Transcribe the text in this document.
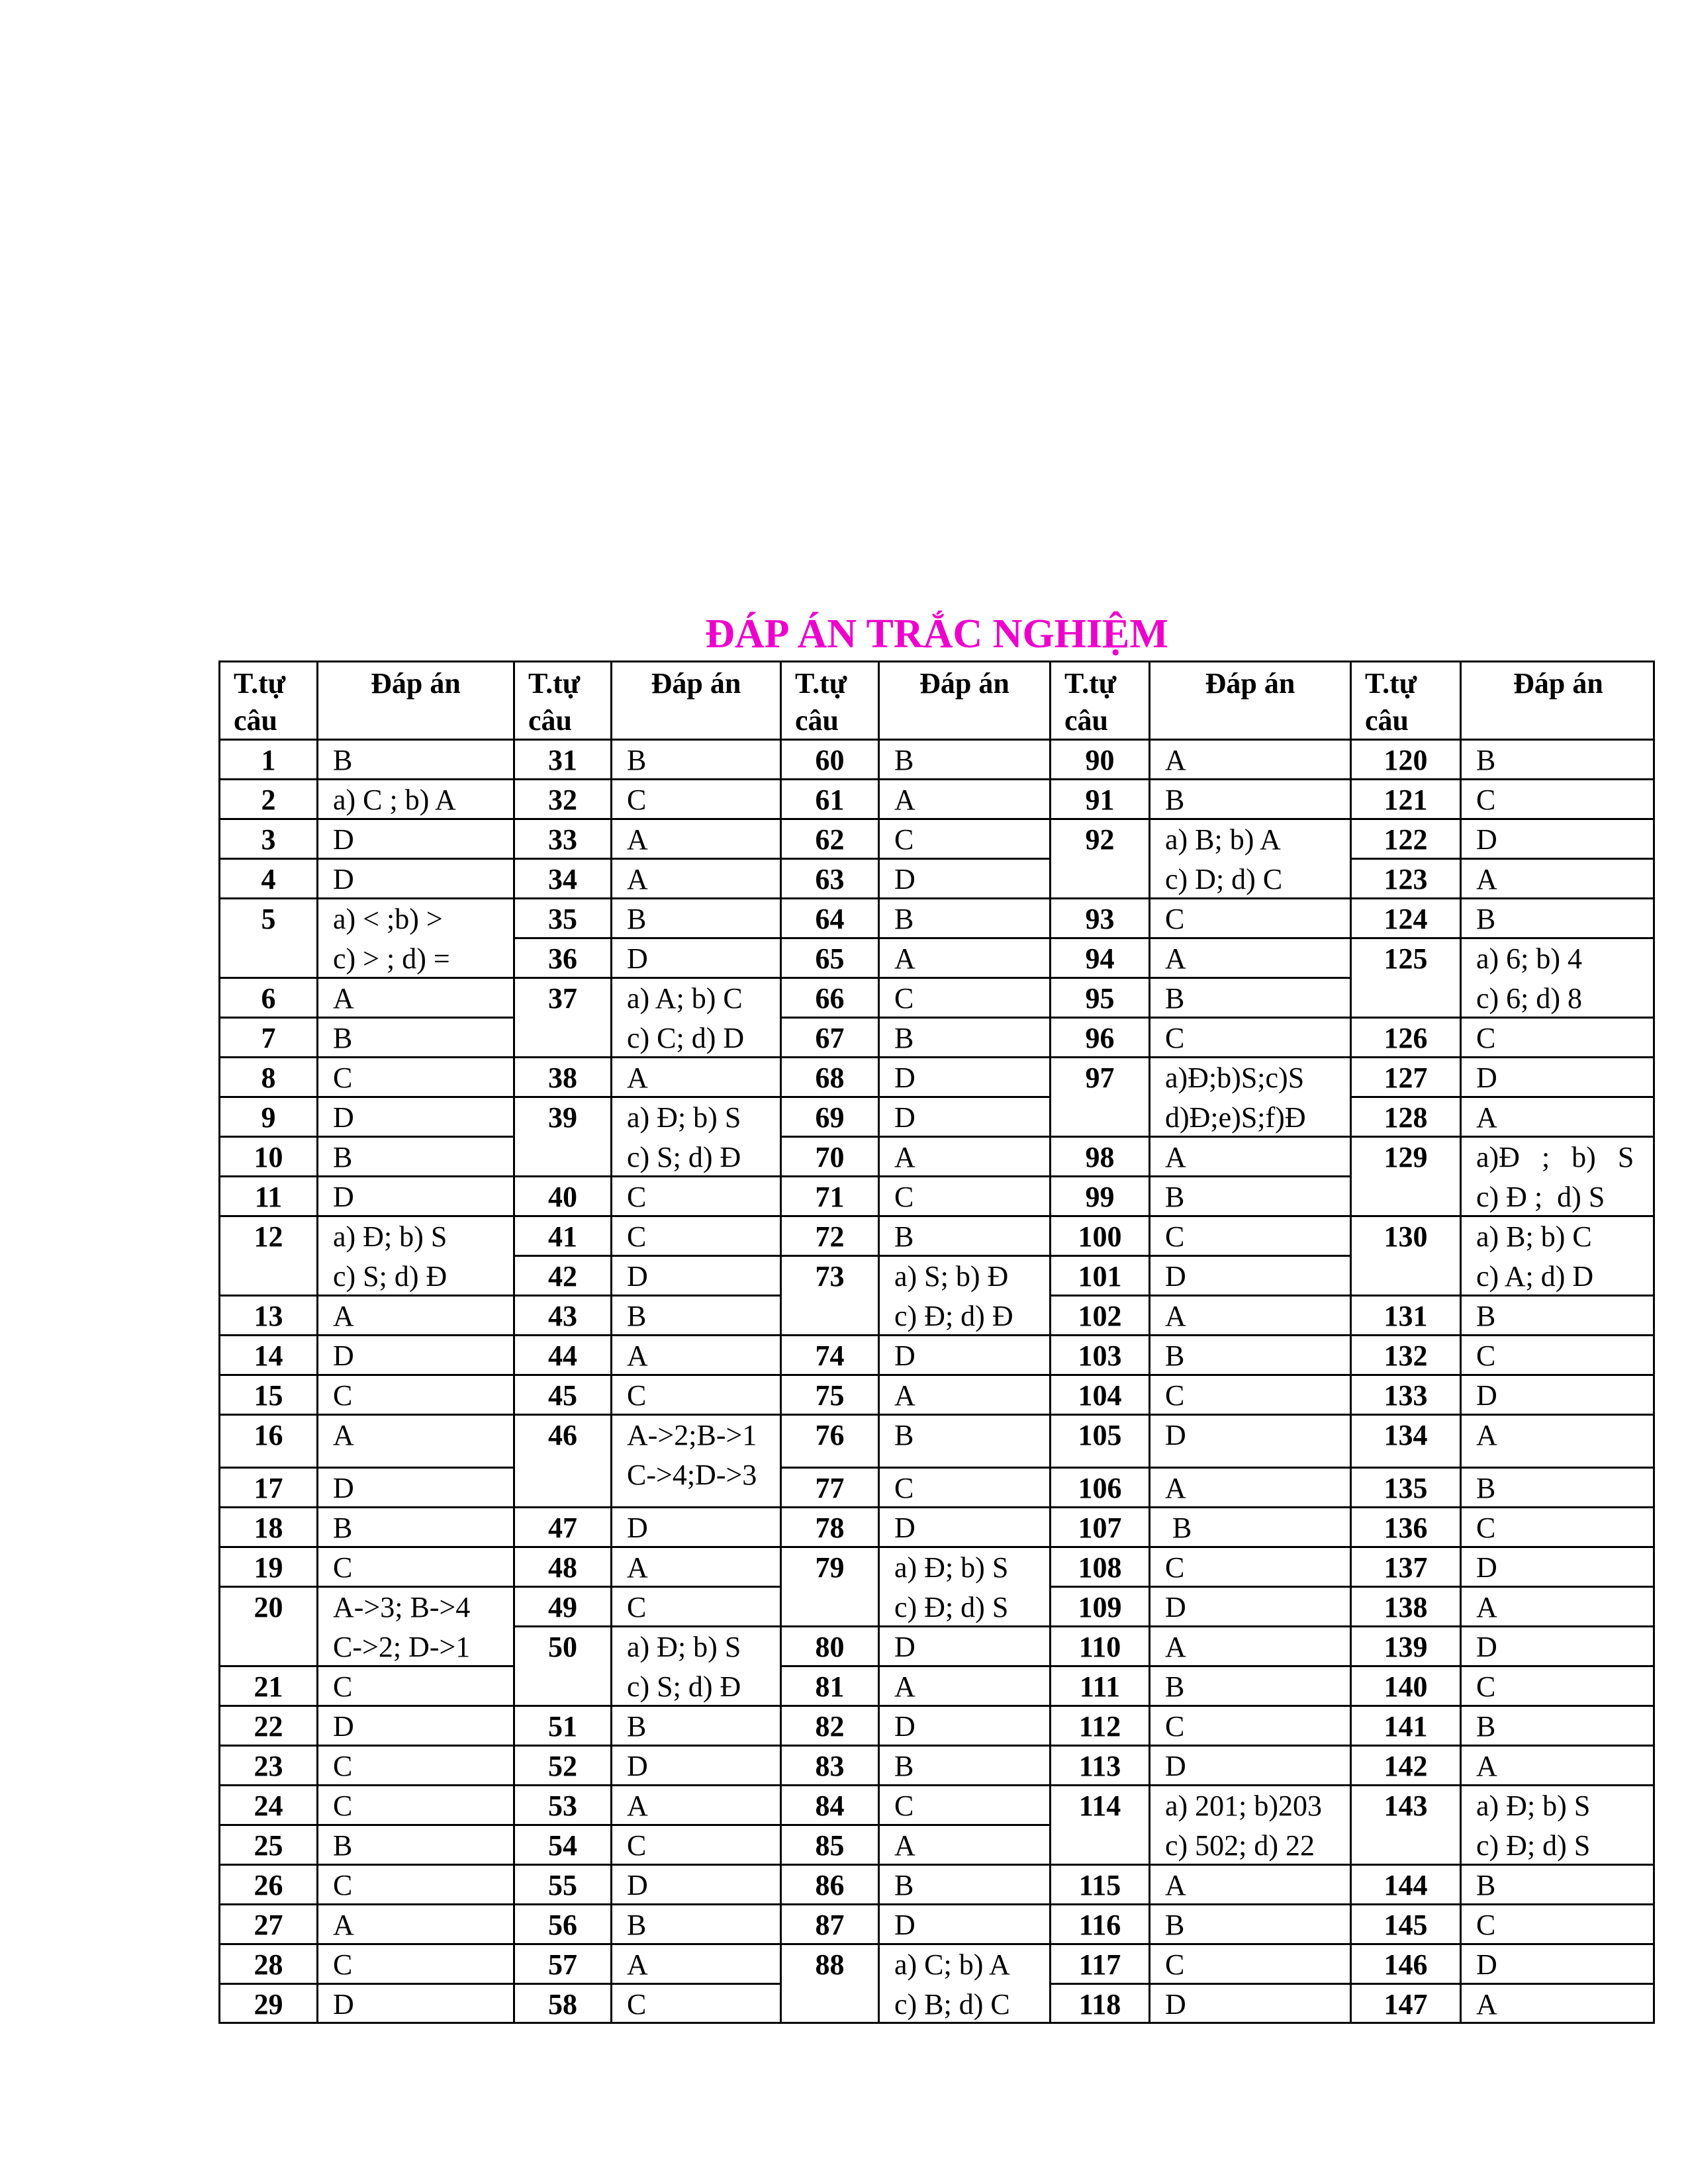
ĐÁP ÁN TRẮC NGHIỆM
T.tự
câu
Đáp án
1	B
2	a) C ; b) A
3	D
4	D
5	a) < ;b) >
c) > ; d) =
6	A
7	B
8	C
9	D
10	B
11	D
12	a) Đ; b) S
c) S; d) Đ
13	A
14	D
15	C
16	A
17	D
18	B
19	C
20	A->3; B->4
C->2; D->1
21	C
22	D
23	C
24	C
25	B
26	C
27	A
28	C
29	D
T.tự
câu
Đáp án
31	B
32	C
33	A
34	A
35	B
36	D
37	a) A; b) C
c) C; d) D
38	A
39	a) Đ; b) S
c) S; d) Đ
40	C
41	C
42	D
43	B
44	A
45	C
46	A->2;B->1
C->4;D->3
47	D
48	A
49	C
50	a) Đ; b) S
c) S; d) Đ
51	B
52	D
53	A
54	C
55	D
56	B
57	A
58	C
T.tự
câu
Đáp án
60	B
61	A
62	C
63	D
64	B
65	A
66	C
67	B
68	D
69	D
70	A
71	C
72	B
73	a) S; b) Đ
c) Đ; d) Đ
74	D
75	A
76	B
77	C
78	D
79	a) Đ; b) S
c) Đ; d) S
80	D
81	A
82	D
83	B
84	C
85	A
86	B
87	D
88	a) C; b) A
c) B; d) C
T.tự
câu
Đáp án
90	A
91	B
92	a) B; b) A
c) D; d) C
93	C
94	A
95	B
96	C
97	a)Đ;b)S;c)S
d)Đ;e)S;f)Đ
98	A
99	B
100	C
101	D
102	A
103	B
104	C
105	D
106	A
107	B
108	C
109	D
110	A
111	B
112	C
113	D
114	a) 201; b)203
c) 502; d) 22
115	A
116	B
117	C
118	D
T.tự
câu
Đáp án
120	B
121	C
122	D
123	A
124	B
125	a) 6; b) 4
c) 6; d) 8
126	C
127	D
128	A
129	a)Đ   ;   b)   S
c) Đ ;  d) S
130	a) B; b) C
c) A; d) D
131	B
132	C
133	D
134	A
135	B
136	C
137	D
138	A
139	D
140	C
141	B
142	A
143	a) Đ; b) S
c) Đ; d) S
144	B
145	C
146	D
147	A
